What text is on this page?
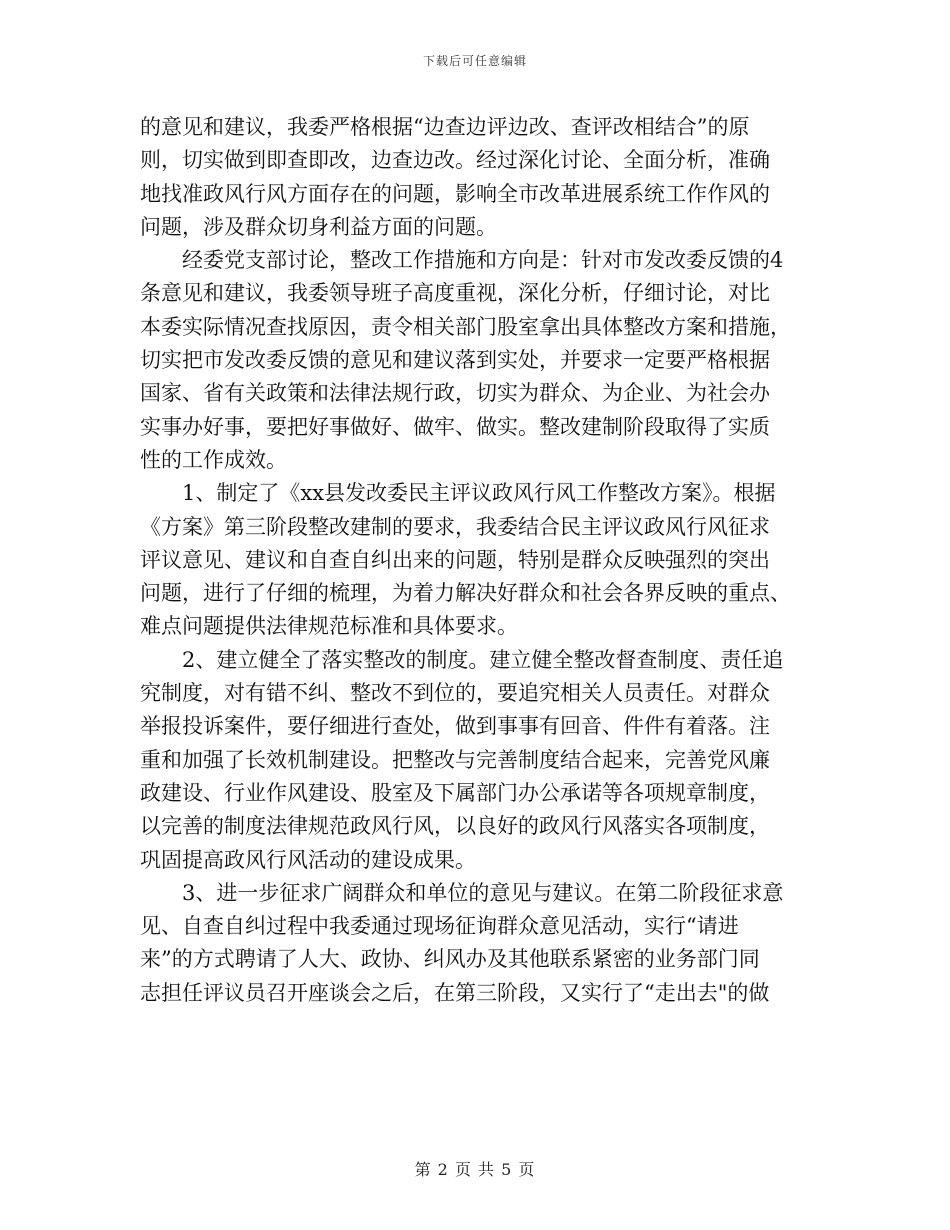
下载后可任意编辑

的意见和建议，我委严格根据“边查边评边改、查评改相结合”的原
则，切实做到即查即改，边查边改。经过深化讨论、全面分析，准确
地找准政风行风方面存在的问题，影响全市改革进展系统工作作风的
问题，涉及群众切身利益方面的问题。

经委党支部讨论，整改工作措施和方向是：针对市发改委反馈的4
条意见和建议，我委领导班子高度重视，深化分析，仔细讨论，对比
本委实际情况查找原因，责令相关部门股室拿出具体整改方案和措施，
切实把市发改委反馈的意见和建议落到实处，并要求一定要严格根据
国家、省有关政策和法律法规行政，切实为群众、为企业、为社会办
实事办好事，要把好事做好、做牢、做实。整改建制阶段取得了实质
性的工作成效。

1、制定了《xx县发改委民主评议政风行风工作整改方案》。根据
《方案》第三阶段整改建制的要求，我委结合民主评议政风行风征求
评议意见、建议和自查自纠出来的问题，特别是群众反映强烈的突出
问题，进行了仔细的梳理，为着力解决好群众和社会各界反映的重点、
难点问题提供法律规范标准和具体要求。

2、建立健全了落实整改的制度。建立健全整改督查制度、责任追
究制度，对有错不纠、整改不到位的，要追究相关人员责任。对群众
举报投诉案件，要仔细进行查处，做到事事有回音、件件有着落。注
重和加强了长效机制建设。把整改与完善制度结合起来，完善党风廉
政建设、行业作风建设、股室及下属部门办公承诺等各项规章制度，
以完善的制度法律规范政风行风，以良好的政风行风落实各项制度，
巩固提高政风行风活动的建设成果。

3、进一步征求广阔群众和单位的意见与建议。在第二阶段征求意
见、自查自纠过程中我委通过现场征询群众意见活动，实行“请进
来”的方式聘请了人大、政协、纠风办及其他联系紧密的业务部门同
志担任评议员召开座谈会之后，在第三阶段，又实行了“走出去"的做

第 2 页 共 5 页
